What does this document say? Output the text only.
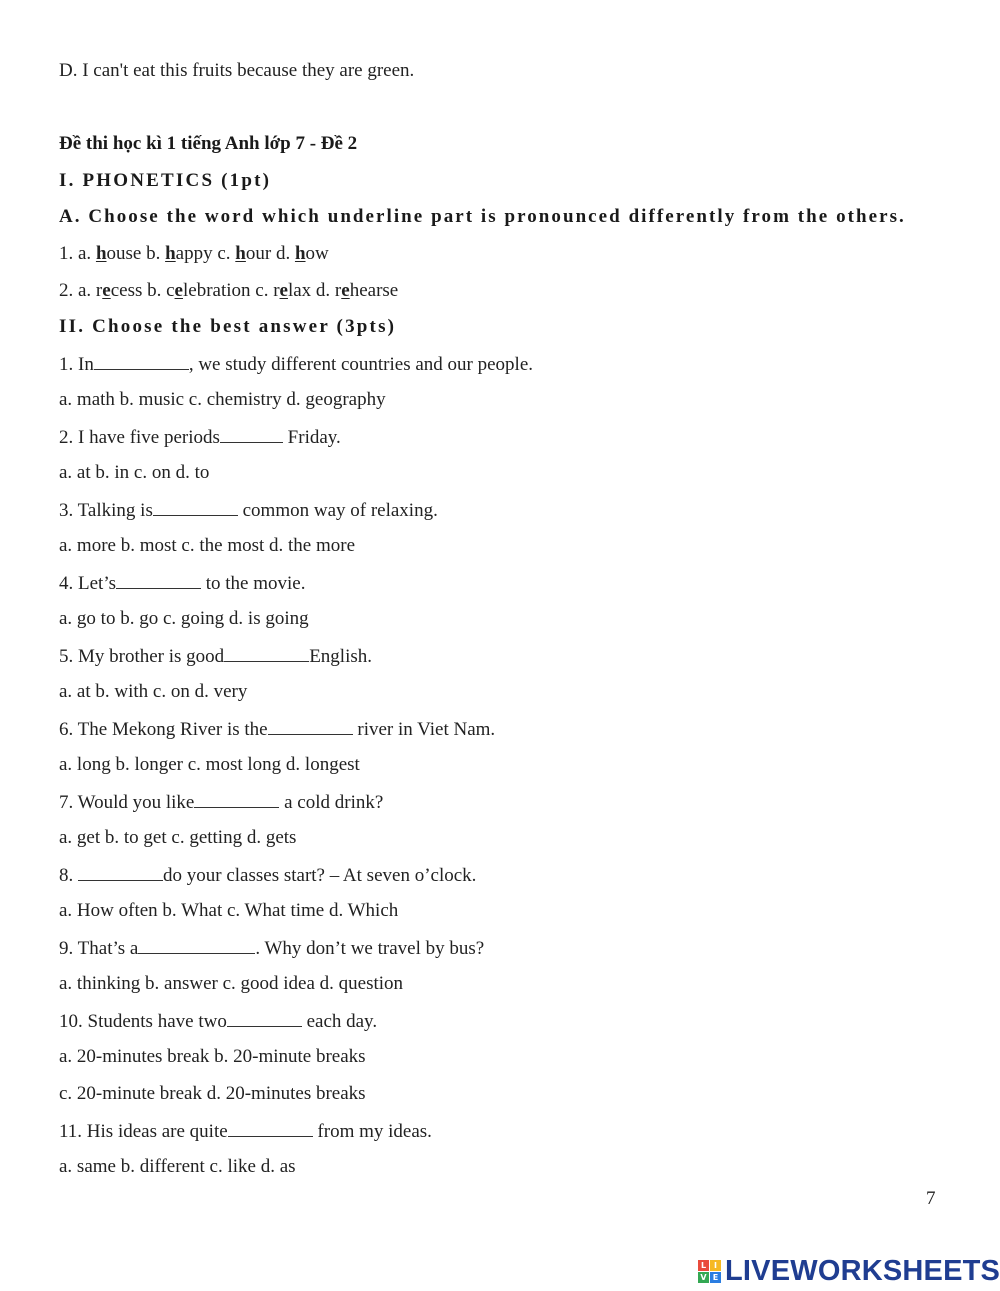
D. I can't eat this fruits because they are green.
Đề thi học kì 1 tiếng Anh lớp 7 - Đề 2
I. PHONETICS (1pt)
A. Choose the word which underline part is pronounced differently from the others.
1. a. house b. happy c. hour d. how
2. a. recess b. celebration c. relax d. rehearse
II. Choose the best answer (3pts)
1. In	, we study different countries and our people.
a. math b. music c. chemistry d. geography
2. I have five periods	Friday.
a. at b. in c. on d. to
3. Talking is	common way of relaxing.
a. more b. most c. the most d. the more
4. Let’s	to the movie.
a. go to b. go c. going d. is going
5. My brother is good	English.
a. at b. with c. on d. very
6. The Mekong River is the	river in Viet Nam.
a. long b. longer c. most long d. longest
7. Would you like	a cold drink?
a. get b. to get c. getting d. gets
8.	do your classes start? – At seven o’clock.
a. How often b. What c. What time d. Which
9. That’s a	. Why don’t we travel by bus?
a. thinking b. answer c. good idea d. question
10. Students have two	each day.
a. 20-minutes break b. 20-minute breaks
c. 20-minute break d. 20-minutes breaks
11. His ideas are quite	from my ideas.
a. same b. different c. like d. as
7
L I
V E LIVEWORKSHEETS
